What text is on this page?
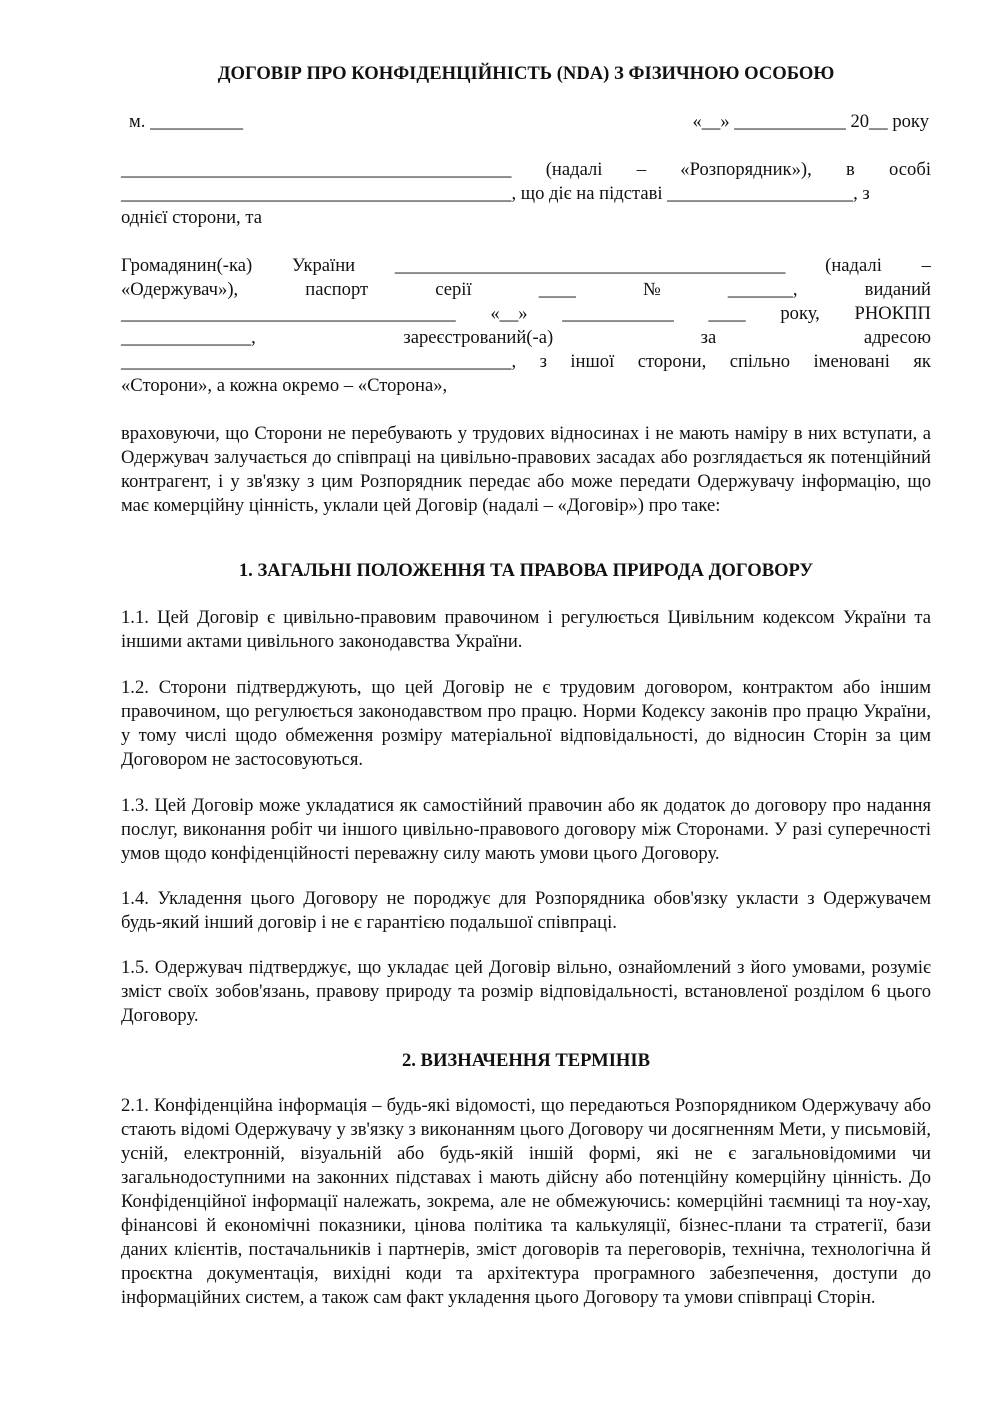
ДОГОВІР ПРО КОНФІДЕНЦІЙНІСТЬ (NDA) З ФІЗИЧНОЮ ОСОБОЮ
м. __________	«__» ____________ 20__ року
__________________________________________ (надалі – «Розпорядник»), в особі

__________________________________________, що діє на підставі ____________________, з

однієї сторони, та

Громадянин(-ка) України __________________________________________ (надалі –
«Одержувач»),	паспорт	серії	____	№	_______,	виданий
____________________________________ «__» ____________ ____ року, РНОКПП
______________,	зареєстрований(-а)	за	адресою
__________________________________________, з іншої сторони, спільно іменовані як

«Сторони», а кожна окремо – «Сторона»,

враховуючи, що Сторони не перебувають у трудових відносинах і не мають наміру в них вступати, а Одержувач залучається до співпраці на цивільно-правових засадах або розглядається як потенційний контрагент, і у зв'язку з цим Розпорядник передає або може передати Одержувачу інформацію, що має комерційну цінність, уклали цей Договір (надалі – «Договір») про таке:

1. ЗАГАЛЬНІ ПОЛОЖЕННЯ ТА ПРАВОВА ПРИРОДА ДОГОВОРУ

1.1. Цей Договір є цивільно-правовим правочином і регулюється Цивільним кодексом України та іншими актами цивільного законодавства України.

1.2. Сторони підтверджують, що цей Договір не є трудовим договором, контрактом або іншим правочином, що регулюється законодавством про працю. Норми Кодексу законів про працю України, у тому числі щодо обмеження розміру матеріальної відповідальності, до відносин Сторін за цим Договором не застосовуються.

1.3. Цей Договір може укладатися як самостійний правочин або як додаток до договору про надання послуг, виконання робіт чи іншого цивільно-правового договору між Сторонами. У разі суперечності умов щодо конфіденційності переважну силу мають умови цього Договору.

1.4. Укладення цього Договору не породжує для Розпорядника обов'язку укласти з Одержувачем будь-який інший договір і не є гарантією подальшої співпраці.

1.5. Одержувач підтверджує, що укладає цей Договір вільно, ознайомлений з його умовами, розуміє зміст своїх зобов'язань, правову природу та розмір відповідальності, встановленої розділом 6 цього Договору.

2. ВИЗНАЧЕННЯ ТЕРМІНІВ

2.1. Конфіденційна інформація – будь-які відомості, що передаються Розпорядником Одержувачу або стають відомі Одержувачу у зв'язку з виконанням цього Договору чи досягненням Мети, у письмовій, усній, електронній, візуальній або будь-якій іншій формі, які не є загальновідомими чи загальнодоступними на законних підставах і мають дійсну або потенційну комерційну цінність. До Конфіденційної інформації належать, зокрема, але не обмежуючись: комерційні таємниці та ноу-хау, фінансові й економічні показники, цінова політика та калькуляції, бізнес-плани та стратегії, бази даних клієнтів, постачальників і партнерів, зміст договорів та переговорів, технічна, технологічна й проєктна документація, вихідні коди та архітектура програмного забезпечення, доступи до інформаційних систем, а також сам факт укладення цього Договору та умови співпраці Сторін.
